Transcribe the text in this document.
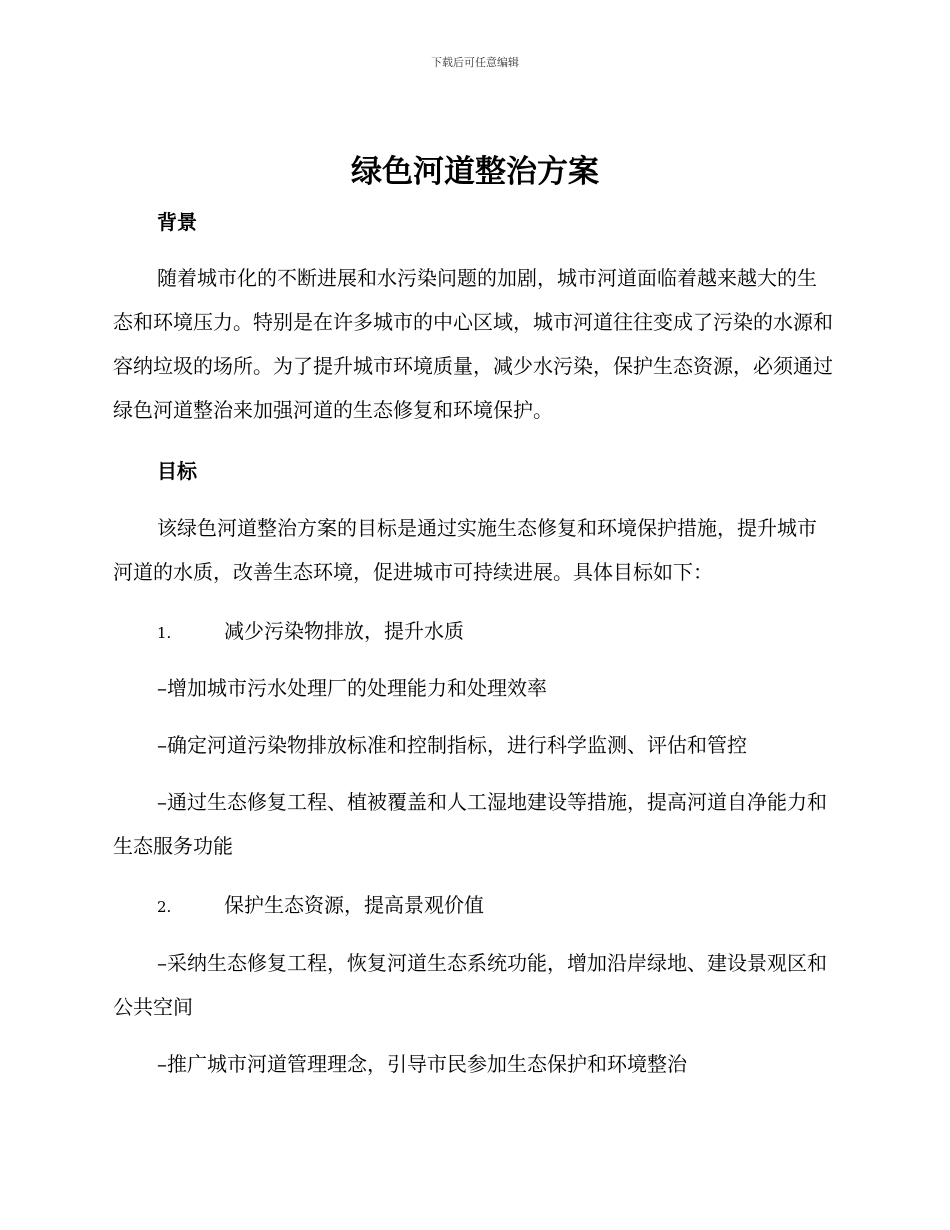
下载后可任意编辑
绿色河道整治方案
背景

随着城市化的不断进展和水污染问题的加剧，城市河道面临着越来越大的生态和环境压力。特别是在许多城市的中心区域，城市河道往往变成了污染的水源和容纳垃圾的场所。为了提升城市环境质量，减少水污染，保护生态资源，必须通过绿色河道整治来加强河道的生态修复和环境保护。

目标

该绿色河道整治方案的目标是通过实施生态修复和环境保护措施，提升城市河道的水质，改善生态环境，促进城市可持续进展。具体目标如下：

1.	减少污染物排放，提升水质

–增加城市污水处理厂的处理能力和处理效率

–确定河道污染物排放标准和控制指标，进行科学监测、评估和管控

–通过生态修复工程、植被覆盖和人工湿地建设等措施，提高河道自净能力和生态服务功能

2.	保护生态资源，提高景观价值

–采纳生态修复工程，恢复河道生态系统功能，增加沿岸绿地、建设景观区和公共空间

–推广城市河道管理理念，引导市民参加生态保护和环境整治
